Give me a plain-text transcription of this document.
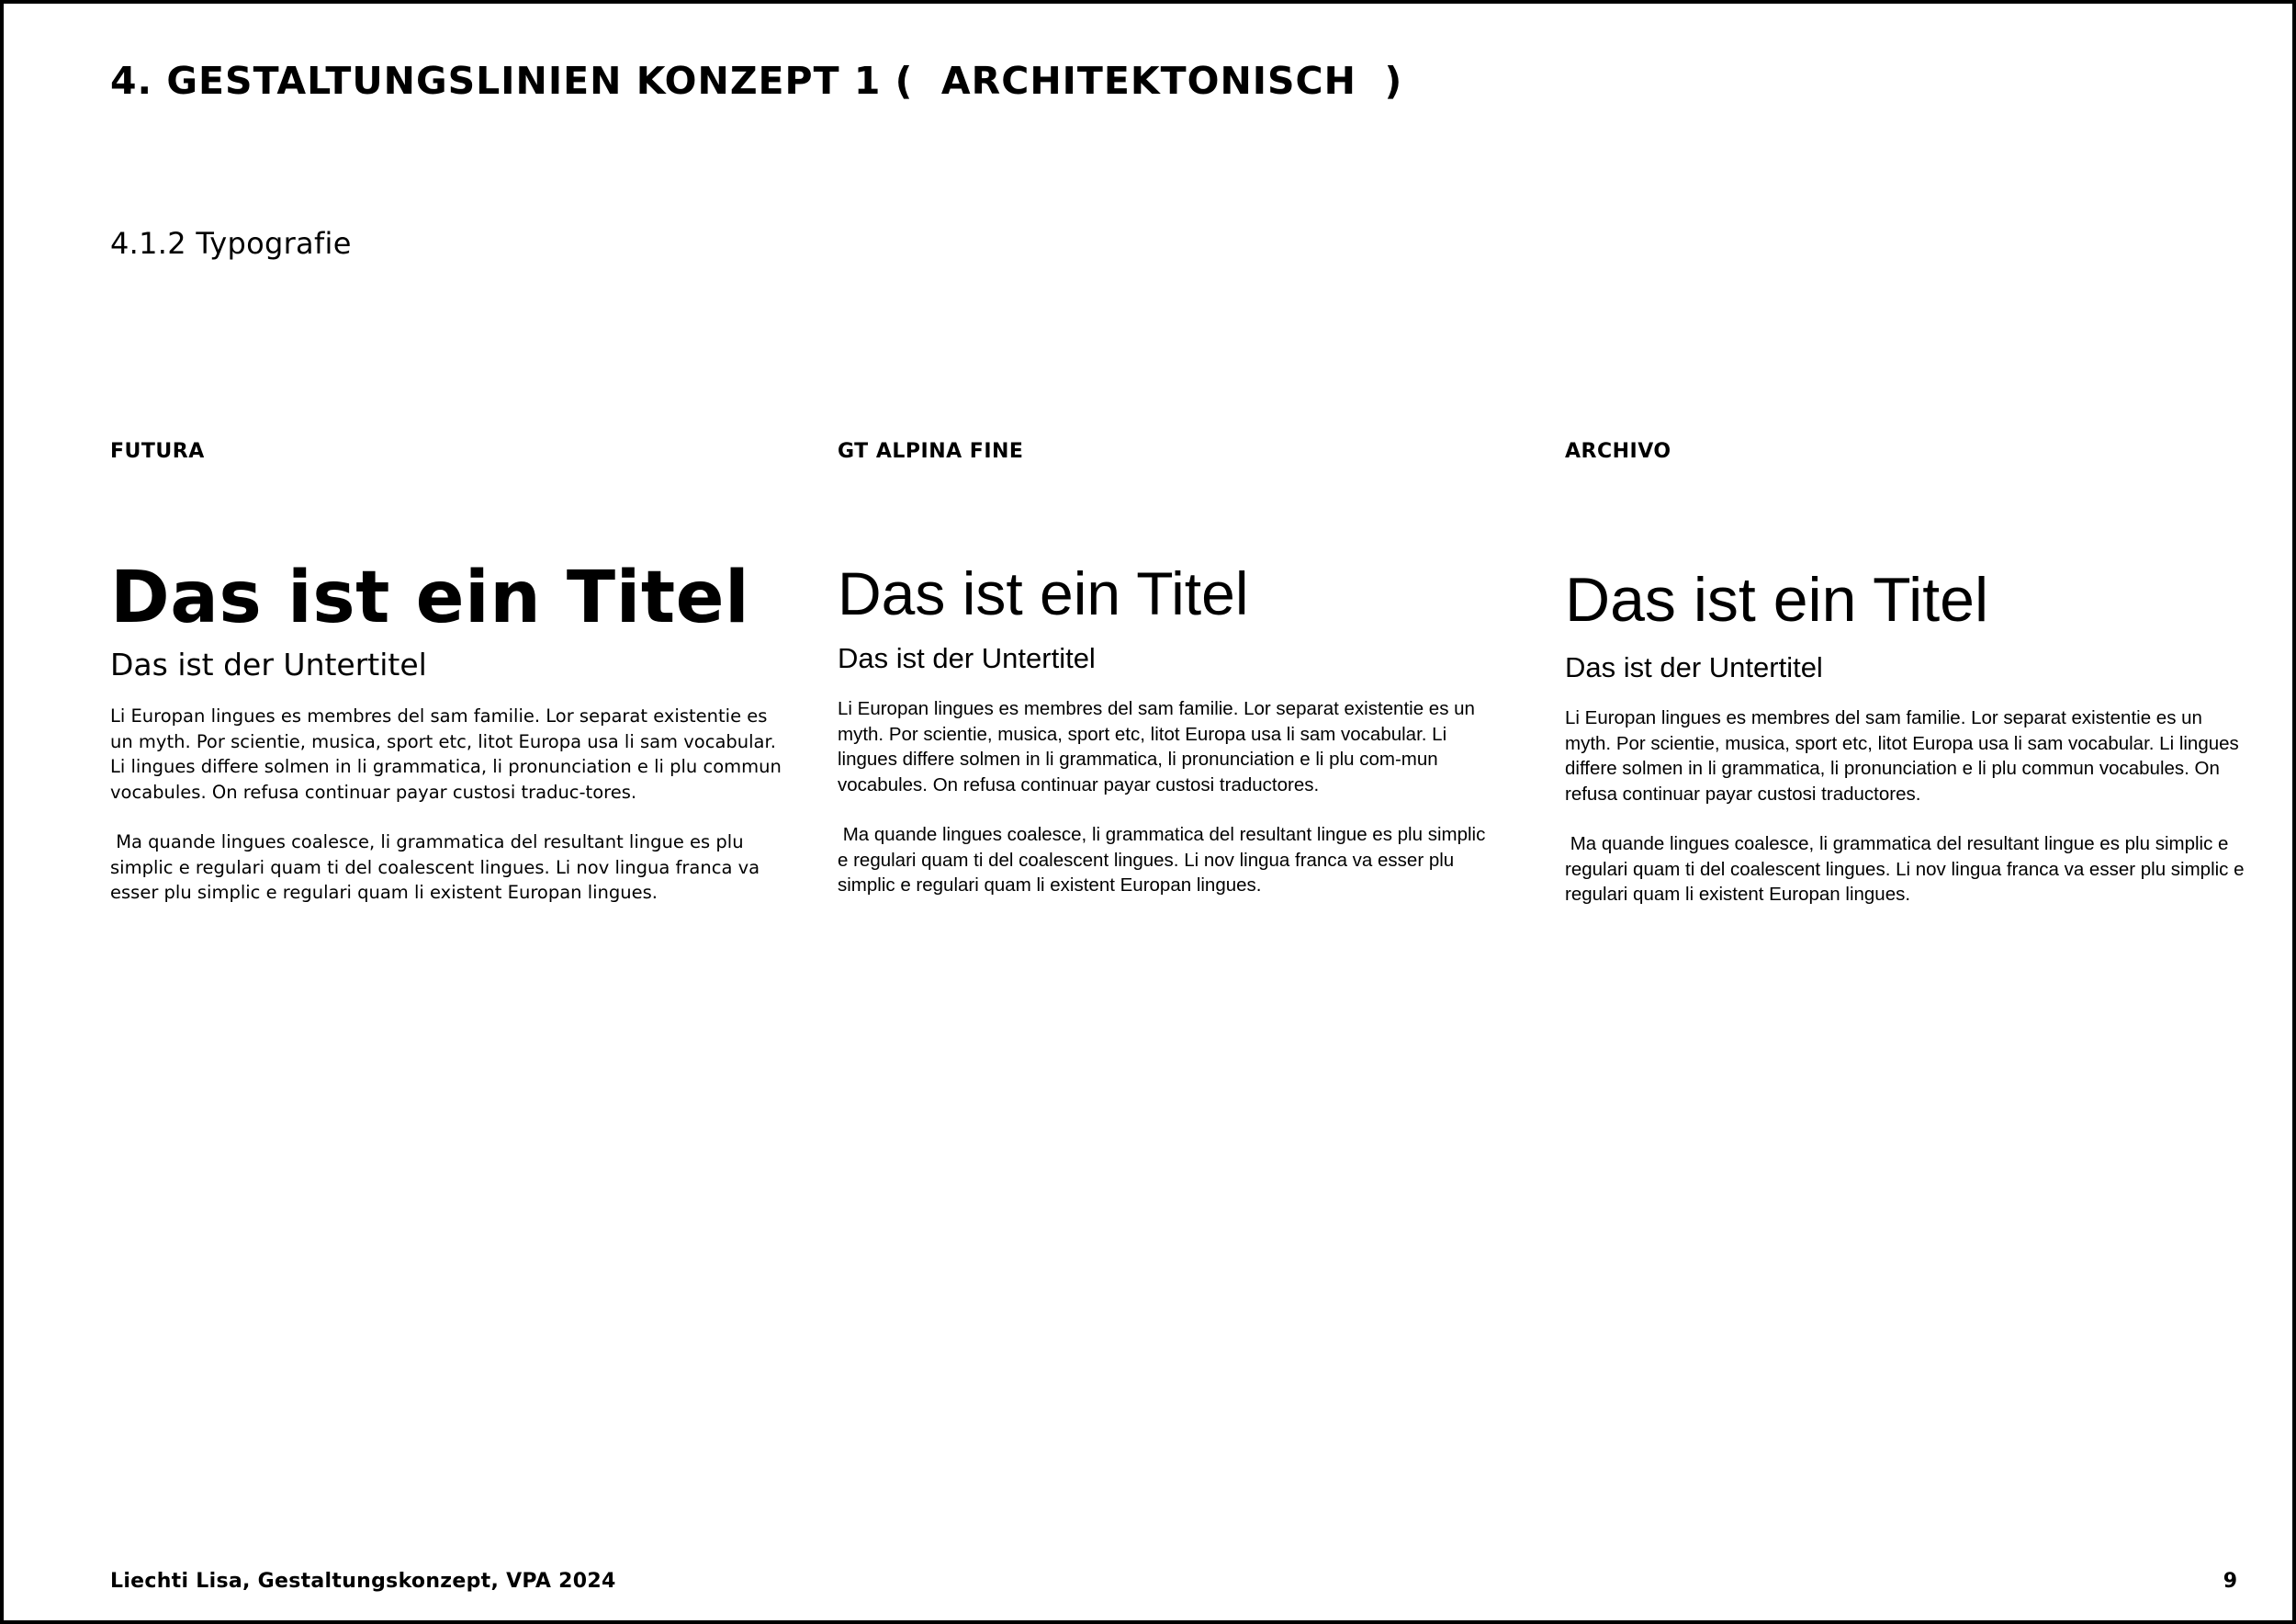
4. GESTALTUNGSLINIEN KONZEPT 1 (  ARCHITEKTONISCH  )
4.1.2 Typografie

FUTURA

Das ist ein Titel

Das ist der Untertitel

Li Europan lingues es membres del sam familie. Lor separat existentie es un myth. Por scientie, musica, sport etc, litot Europa usa li sam vocabular. Li lingues differe solmen in li grammatica, li pronunciation e li plu commun vocabules. On refusa continuar payar custosi traduc-tores.

Ma quande lingues coalesce, li grammatica del resultant lingue es plu simplic e regulari quam ti del coalescent lingues. Li nov lingua franca va esser plu simplic e regulari quam li existent Europan lingues.

GT ALPINA FINE

Das ist ein Titel

Das ist der Untertitel

Li Europan lingues es membres del sam familie. Lor separat existentie es un myth. Por scientie, musica, sport etc, litot Europa usa li sam vocabular. Li lingues differe solmen in li grammatica, li pronunciation e li plu com-mun vocabules. On refusa continuar payar custosi traductores.

Ma quande lingues coalesce, li grammatica del resultant lingue es plu simplic e regulari quam ti del coalescent lingues. Li nov lingua franca va esser plu simplic e regulari quam li existent Europan lingues.

ARCHIVO

Das ist ein Titel

Das ist der Untertitel

Li Europan lingues es membres del sam familie. Lor separat existentie es un myth. Por scientie, musica, sport etc, litot Europa usa li sam vocabular. Li lingues differe solmen in li grammatica, li pronunciation e li plu commun vocabules. On refusa continuar payar custosi traductores.

Ma quande lingues coalesce, li grammatica del resultant lingue es plu simplic e regulari quam ti del coalescent lingues. Li nov lingua franca va esser plu simplic e regulari quam li existent Europan lingues.

Liechti Lisa, Gestaltungskonzept, VPA 2024	9
